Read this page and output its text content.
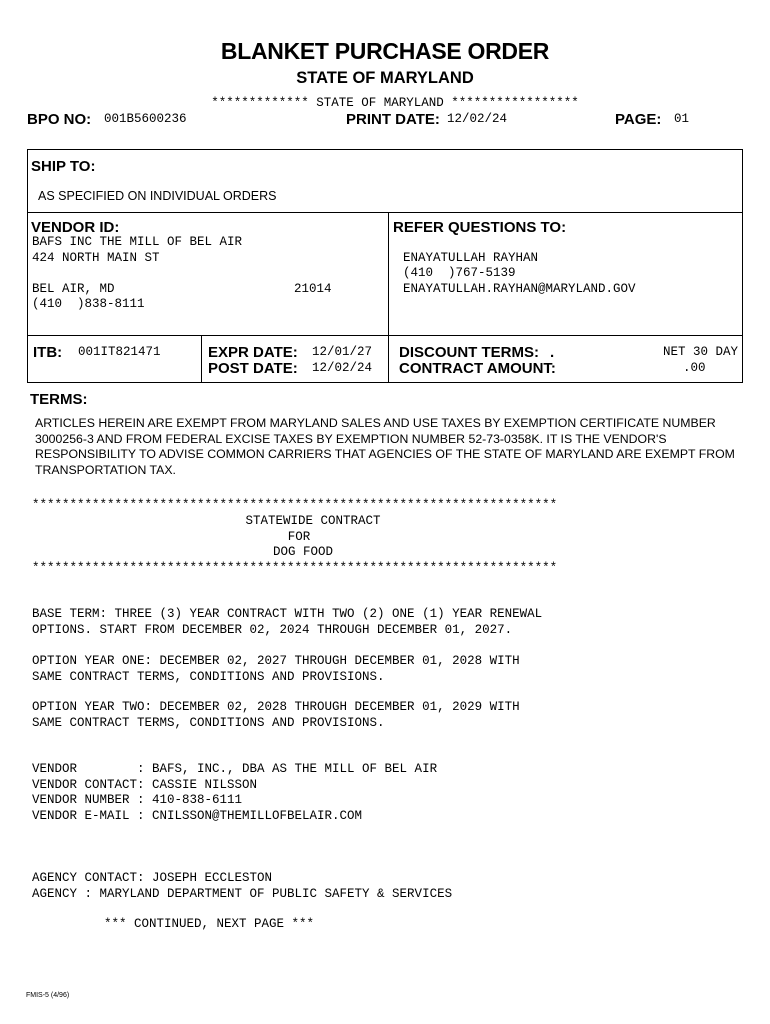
BLANKET PURCHASE ORDER
STATE OF MARYLAND
************* STATE OF MARYLAND *****************
BPO NO: 001B5600236	PRINT DATE: 12/02/24	PAGE: 01
SHIP TO:
AS SPECIFIED ON INDIVIDUAL ORDERS
VENDOR ID:
BAFS INC THE MILL OF BEL AIR
424 NORTH MAIN ST
BEL AIR, MD	21014
(410  )838-8111
REFER QUESTIONS TO:
ENAYATULLAH RAYHAN
(410  )767-5139
ENAYATULLAH.RAYHAN@MARYLAND.GOV
ITB: 001IT821471	EXPR DATE: 12/01/27
POST DATE: 12/02/24
DISCOUNT TERMS: .	NET 30 DAY
CONTRACT AMOUNT:	.00
TERMS:
ARTICLES HEREIN ARE EXEMPT FROM MARYLAND SALES AND USE TAXES BY EXEMPTION CERTIFICATE NUMBER 3000256-3 AND FROM FEDERAL EXCISE TAXES BY EXEMPTION NUMBER 52-73-0358K. IT IS THE VENDOR'S RESPONSIBILITY TO ADVISE COMMON CARRIERS THAT AGENCIES OF THE STATE OF MARYLAND ARE EXEMPT FROM TRANSPORTATION TAX.
**********************************************************************
STATEWIDE CONTRACT
FOR
DOG FOOD
**********************************************************************
BASE TERM: THREE (3) YEAR CONTRACT WITH TWO (2) ONE (1) YEAR RENEWAL
OPTIONS. START FROM DECEMBER 02, 2024 THROUGH DECEMBER 01, 2027.
OPTION YEAR ONE: DECEMBER 02, 2027 THROUGH DECEMBER 01, 2028 WITH
SAME CONTRACT TERMS, CONDITIONS AND PROVISIONS.
OPTION YEAR TWO: DECEMBER 02, 2028 THROUGH DECEMBER 01, 2029 WITH
SAME CONTRACT TERMS, CONDITIONS AND PROVISIONS.
VENDOR        : BAFS, INC., DBA AS THE MILL OF BEL AIR
VENDOR CONTACT: CASSIE NILSSON
VENDOR NUMBER : 410-838-6111
VENDOR E-MAIL : CNILSSON@THEMILLOFBELAIR.COM
AGENCY CONTACT: JOSEPH ECCLESTON
AGENCY : MARYLAND DEPARTMENT OF PUBLIC SAFETY & SERVICES
*** CONTINUED, NEXT PAGE ***
FMIS-5 (4/96)
